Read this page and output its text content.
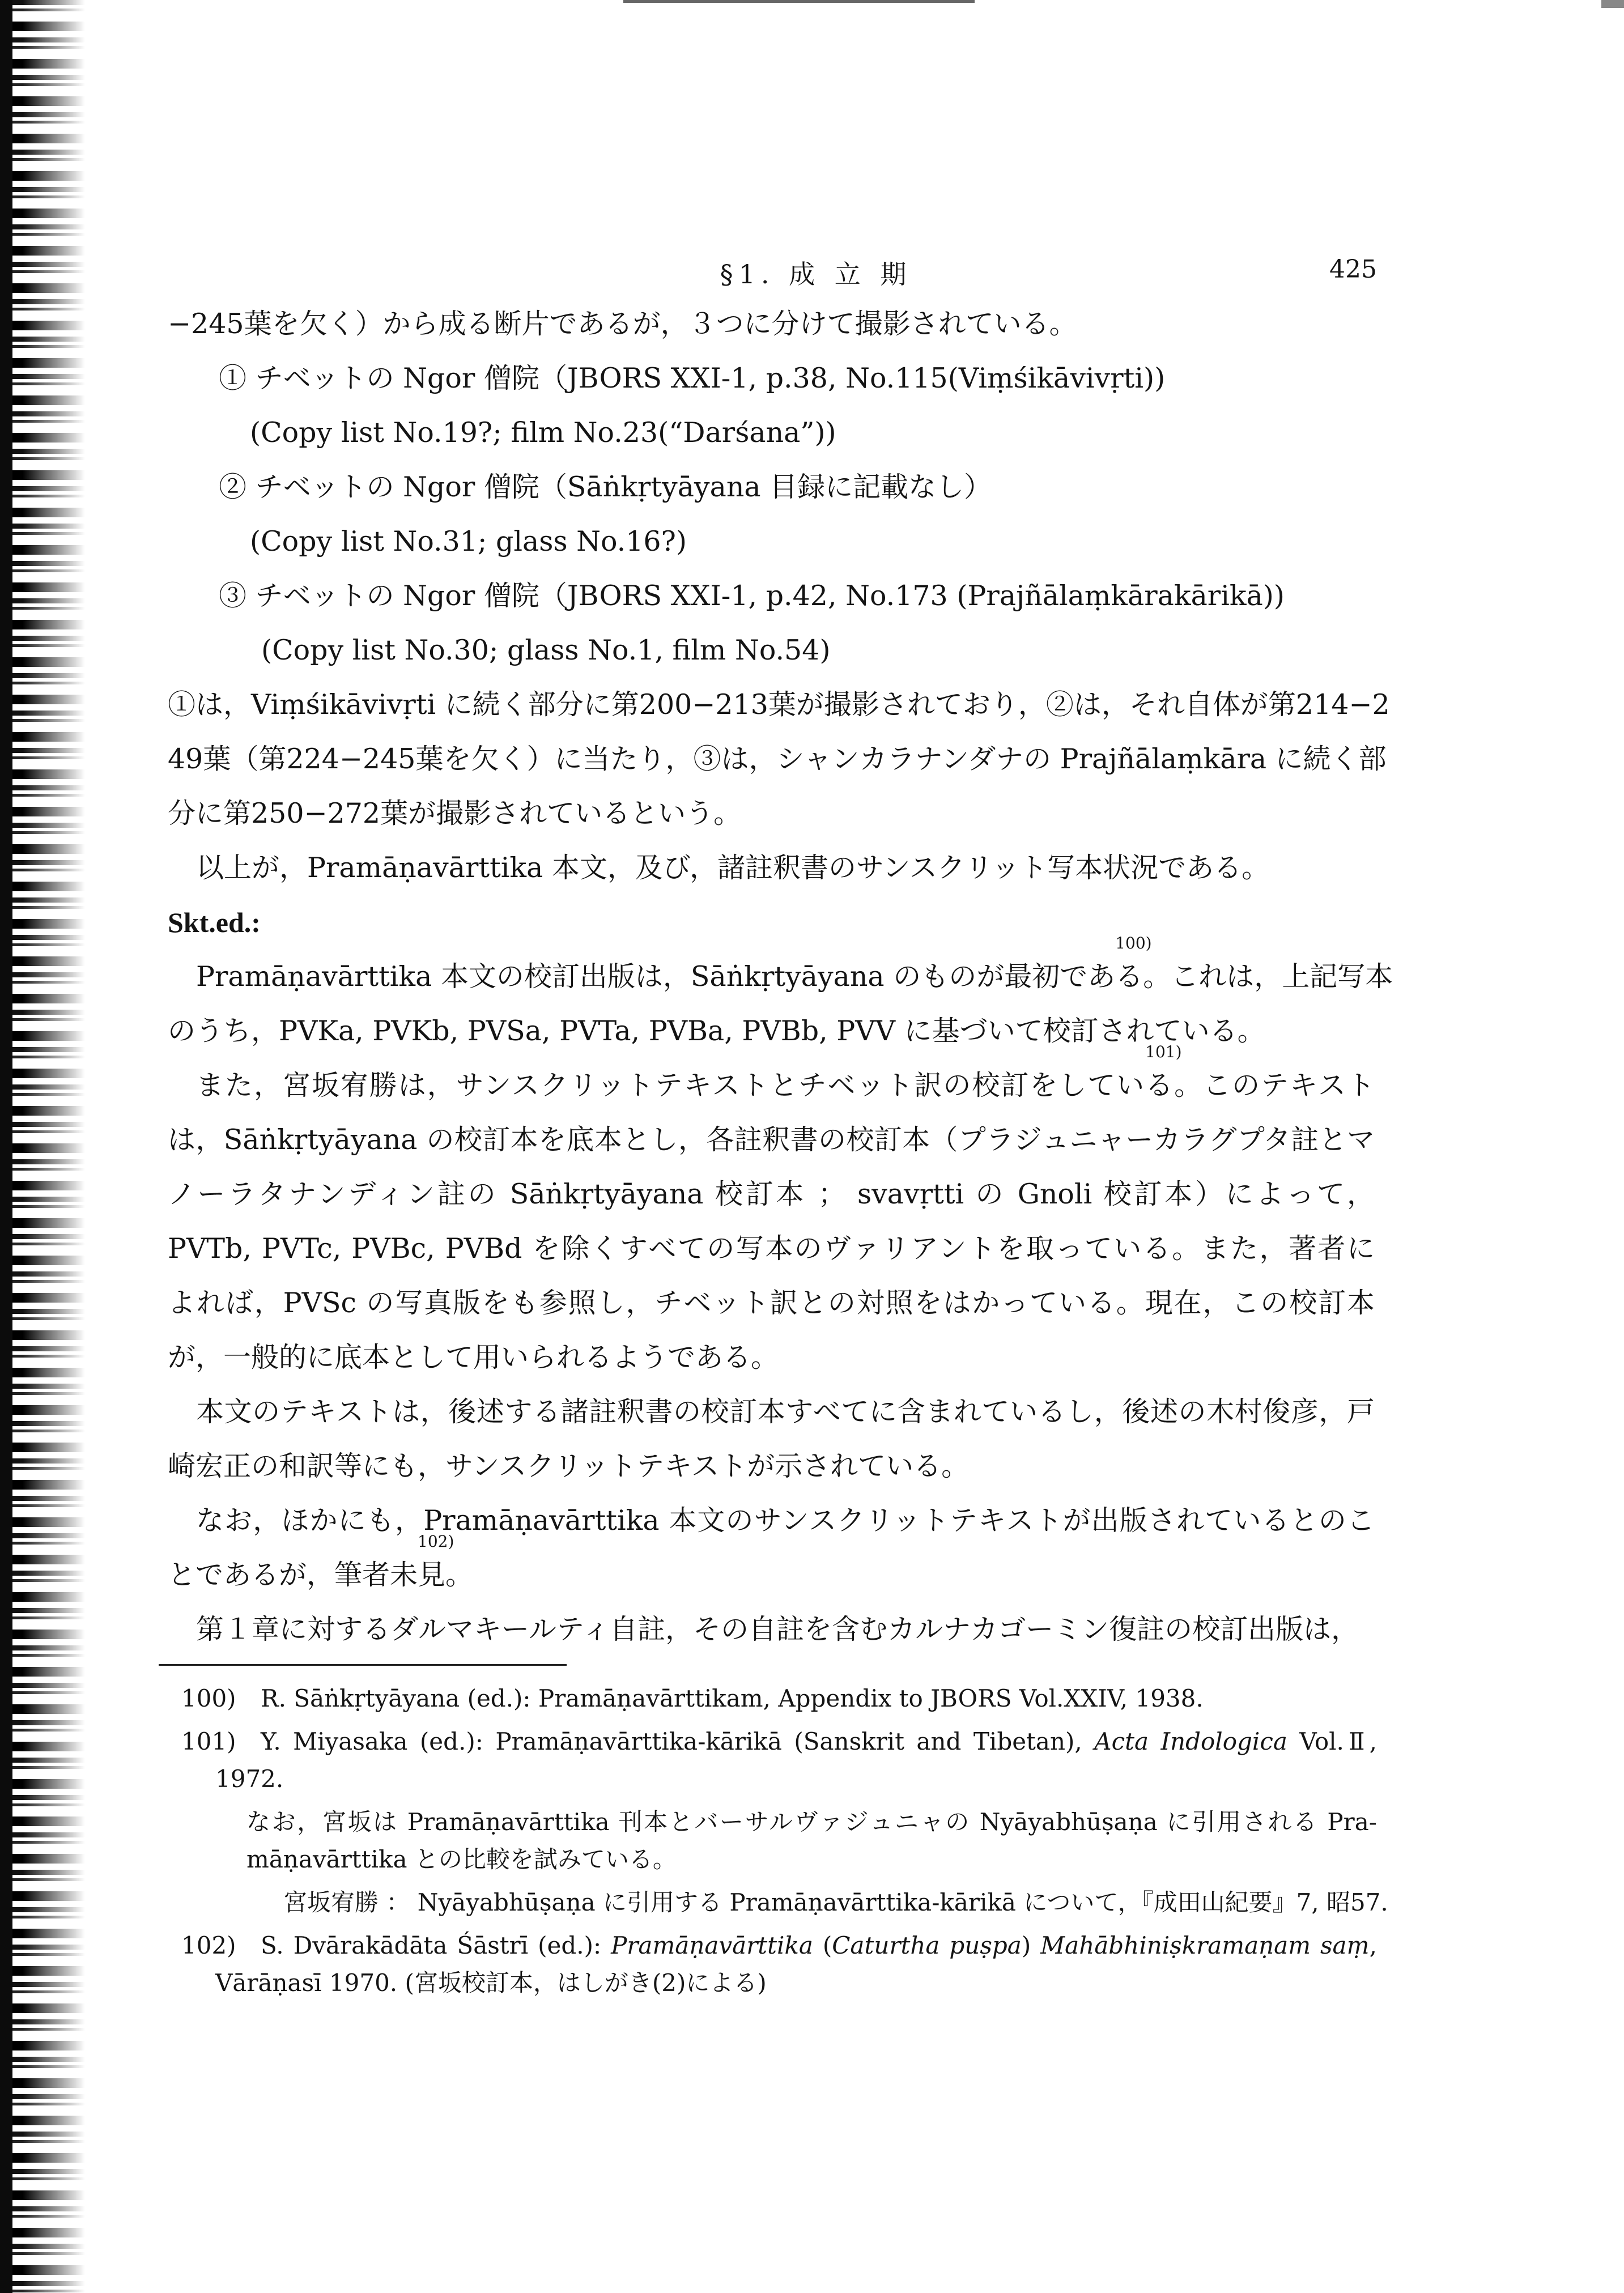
§1. 成 立 期	425
−245葉を欠く）から成る断片であるが，３つに分けて撮影されている。
① チベットの Ngor 僧院（JBORS XXⅠ-1, p.38, No.115(Viṃśikāvivṛti))
(Copy list No.19?; film No.23(“Darśana”))
② チベットの Ngor 僧院（Sāṅkṛtyāyana 目録に記載なし）
(Copy list No.31; glass No.16?)
③ チベットの Ngor 僧院（JBORS XXⅠ-1, p.42, No.173 (Prajñālaṃkārakārikā))
(Copy list No.30; glass No.1, film No.54)
①は，Viṃśikāvivṛti に続く部分に第200−213葉が撮影されており，②は，それ自体が第214−2
49葉（第224−245葉を欠く）に当たり，③は，シャンカラナンダナの Prajñālaṃkāra に続く部
分に第250−272葉が撮影されているという。
以上が，Pramāṇavārttika 本文，及び，諸註釈書のサンスクリット写本状況である。
Skt.ed.:
Pramāṇavārttika 本文の校訂出版は，Sāṅkṛtyāyana のものが最初であ
100)
る。これは，上記写本
のうち，PVKa, PVKb, PVSa, PVTa, PVBa, PVBb, PVV に基づいて校訂されている。
また，宮坂宥勝は，サンスクリットテキストとチベット訳の校訂をしてい
101)
る。このテキスト
は，Sāṅkṛtyāyana の校訂本を底本とし，各註釈書の校訂本（プラジュニャーカラグプタ註とマ
ノーラタナンディン註の Sāṅkṛtyāyana 校訂本 ； svavṛtti の Gnoli 校訂本）によって，
PVTb, PVTc, PVBc, PVBd を除くすべての写本のヴァリアントを取っている。また，著者に
よれば，PVSc の写真版をも参照し，チベット訳との対照をはかっている。現在，この校訂本
が，一般的に底本として用いられるようである。
本文のテキストは，後述する諸註釈書の校訂本すべてに含まれているし，後述の木村俊彦，戸
崎宏正の和訳等にも，サンスクリットテキストが示されている。
なお，ほかにも，Pramāṇavārttika 本文のサンスクリットテキストが出版されているとのこ
とであるが，筆者未
102)
見。
第１章に対するダルマキールティ自註，その自註を含むカルナカゴーミン復註の校訂出版は，
100) R. Sāṅkṛtyāyana (ed.): Pramāṇavārttikam, Appendix to JBORS Vol.XXIV, 1938.
101) Y. Miyasaka (ed.): Pramāṇavārttika-kārikā (Sanskrit and Tibetan), Acta Indologica Vol.Ⅱ,
1972.
なお，宮坂は Pramāṇavārttika 刊本とバーサルヴァジュニャの Nyāyabhūṣaṇa に引用される Pra-
māṇavārttika との比較を試みている。
宮坂宥勝 ： Nyāyabhūṣaṇa に引用する Pramāṇavārttika-kārikā について，『成田山紀要』7, 昭57.
102) S. Dvārakādāta Śāstrī (ed.): Pramāṇavārttika (Caturtha puṣpa) Mahābhiniṣkramaṇam saṃ,
Vārāṇasī 1970. (宮坂校訂本，はしがき(2)による)
